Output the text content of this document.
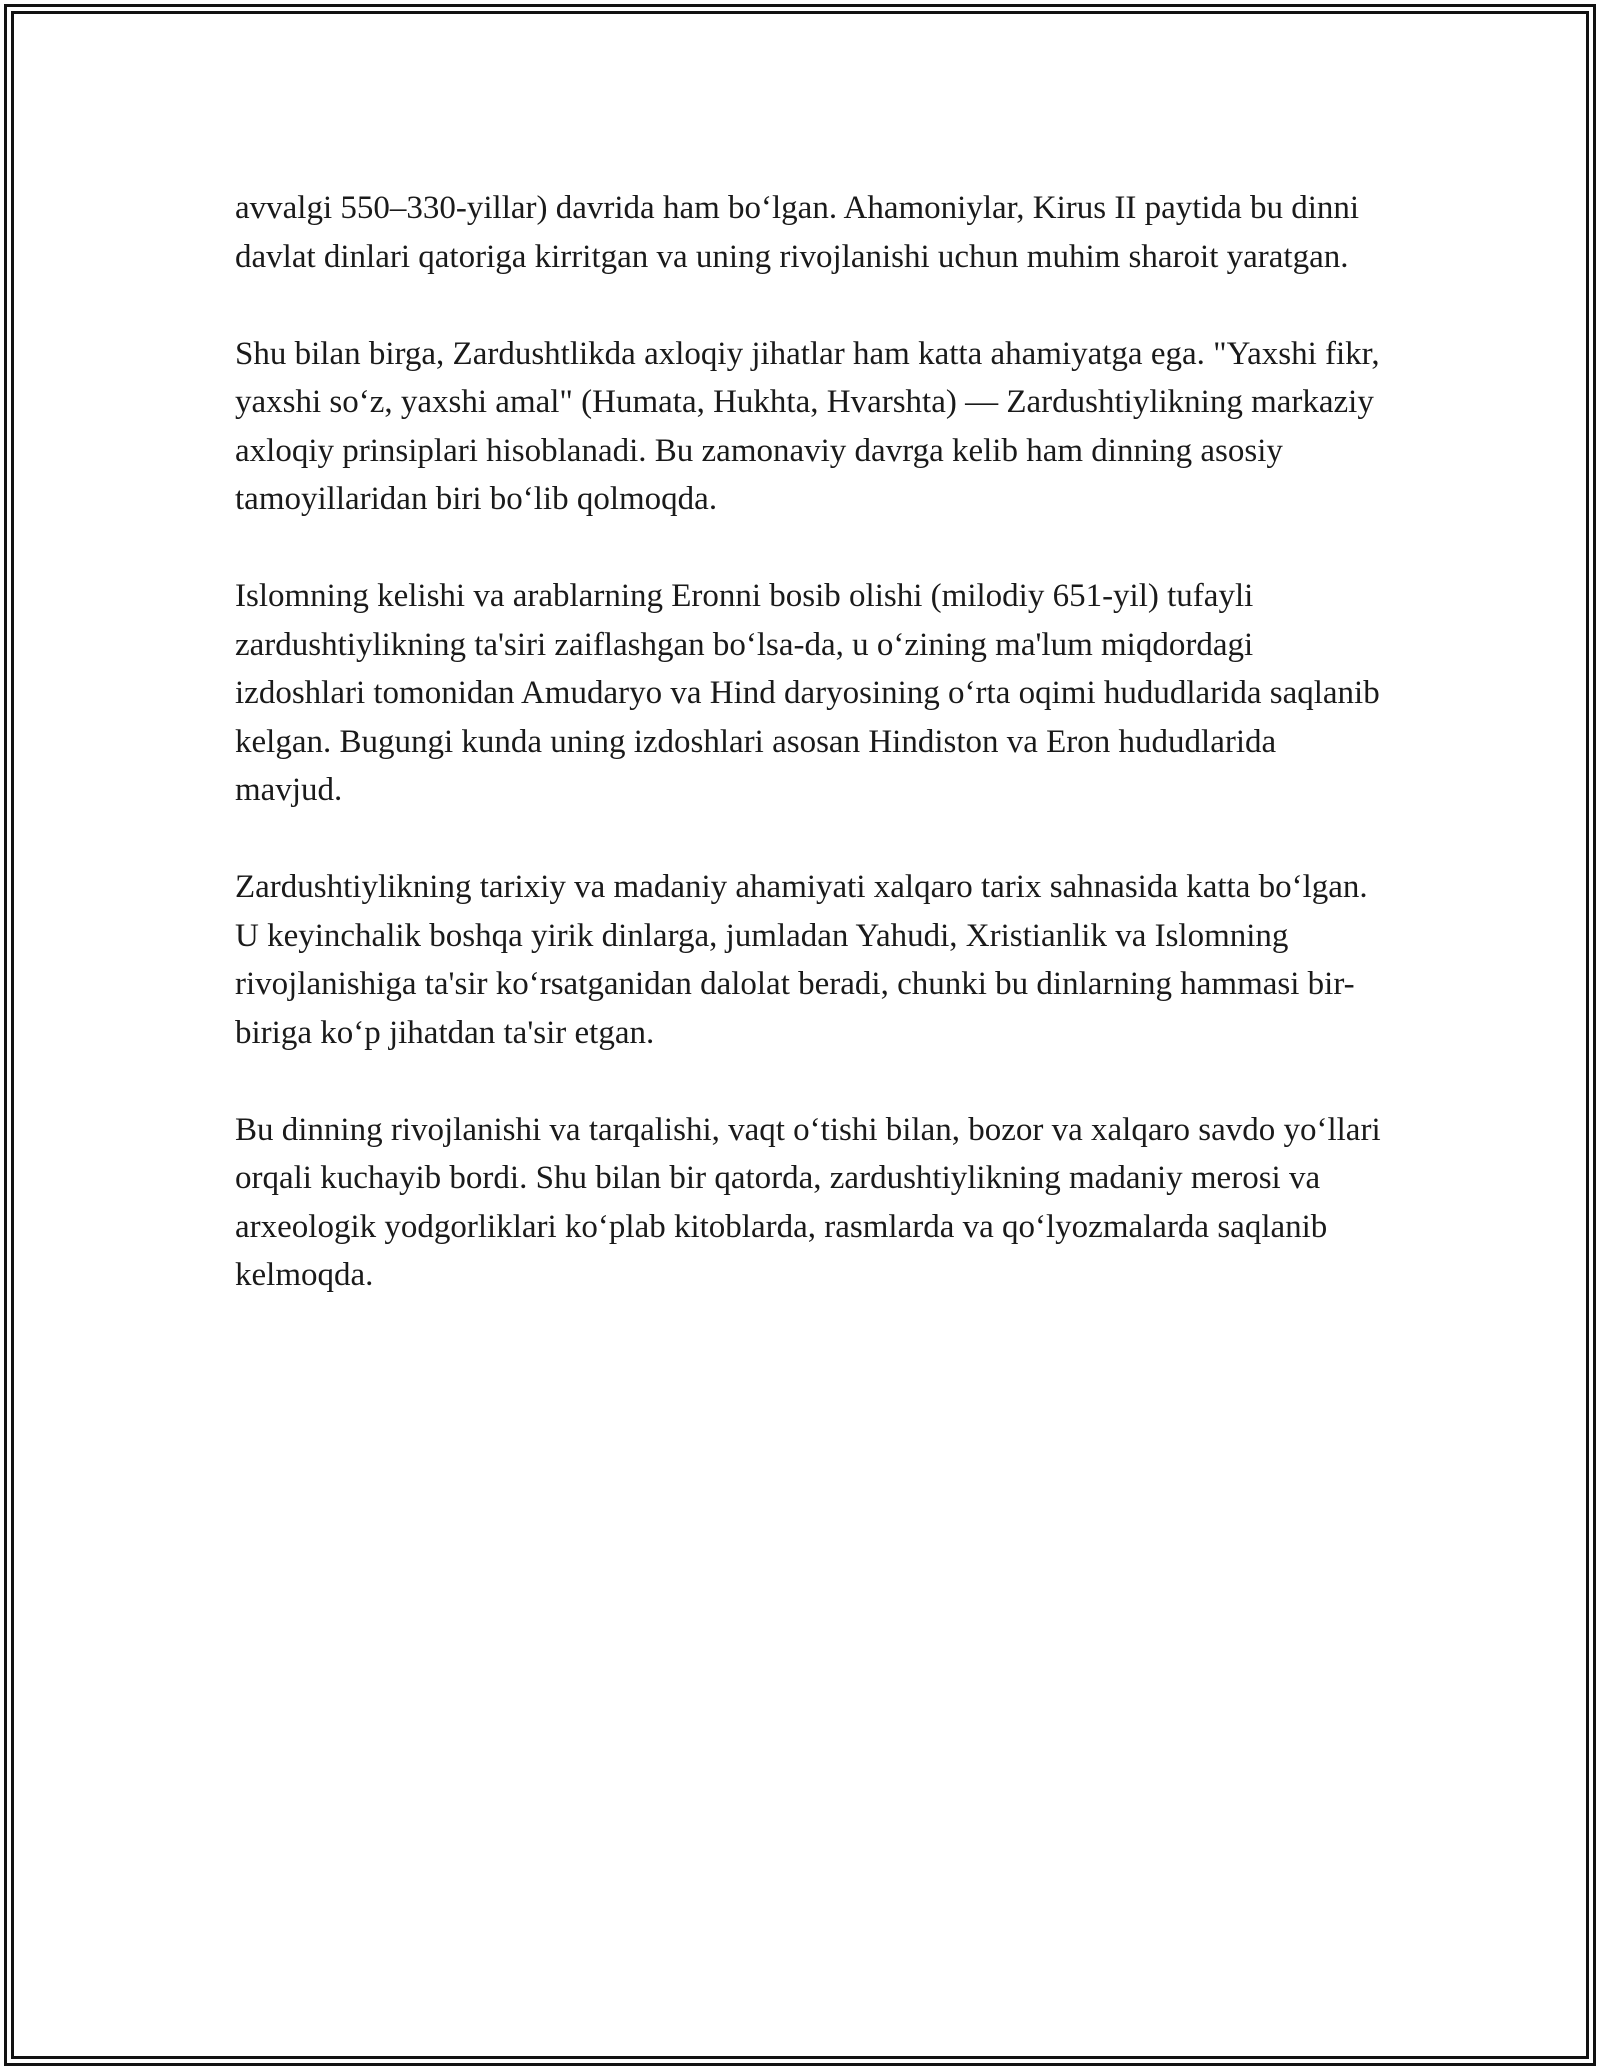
avvalgi 550–330-yillar) davrida ham boʻlgan. Ahamoniylar, Kirus II paytida bu dinni davlat dinlari qatoriga kirritgan va uning rivojlanishi uchun muhim sharoit yaratgan.

Shu bilan birga, Zardushtlikda axloqiy jihatlar ham katta ahamiyatga ega. "Yaxshi fikr, yaxshi soʻz, yaxshi amal" (Humata, Hukhta, Hvarshta) — Zardushtiylikning markaziy axloqiy prinsiplari hisoblanadi. Bu zamonaviy davrga kelib ham dinning asosiy tamoyillaridan biri boʻlib qolmoqda.

Islomning kelishi va arablarning Eronni bosib olishi (milodiy 651-yil) tufayli zardushtiylikning ta'siri zaiflashgan boʻlsa-da, u oʻzining ma'lum miqdordagi izdoshlari tomonidan Amudaryo va Hind daryosining oʻrta oqimi hududlarida saqlanib kelgan. Bugungi kunda uning izdoshlari asosan Hindiston va Eron hududlarida mavjud.

Zardushtiylikning tarixiy va madaniy ahamiyati xalqaro tarix sahnasida katta boʻlgan. U keyinchalik boshqa yirik dinlarga, jumladan Yahudi, Xristianlik va Islomning rivojlanishiga ta'sir koʻrsatganidan dalolat beradi, chunki bu dinlarning hammasi bir-biriga koʻp jihatdan ta'sir etgan.

Bu dinning rivojlanishi va tarqalishi, vaqt oʻtishi bilan, bozor va xalqaro savdo yoʻllari orqali kuchayib bordi. Shu bilan bir qatorda, zardushtiylikning madaniy merosi va arxeologik yodgorliklari koʻplab kitoblarda, rasmlarda va qoʻlyozmalarda saqlanib kelmoqda.
